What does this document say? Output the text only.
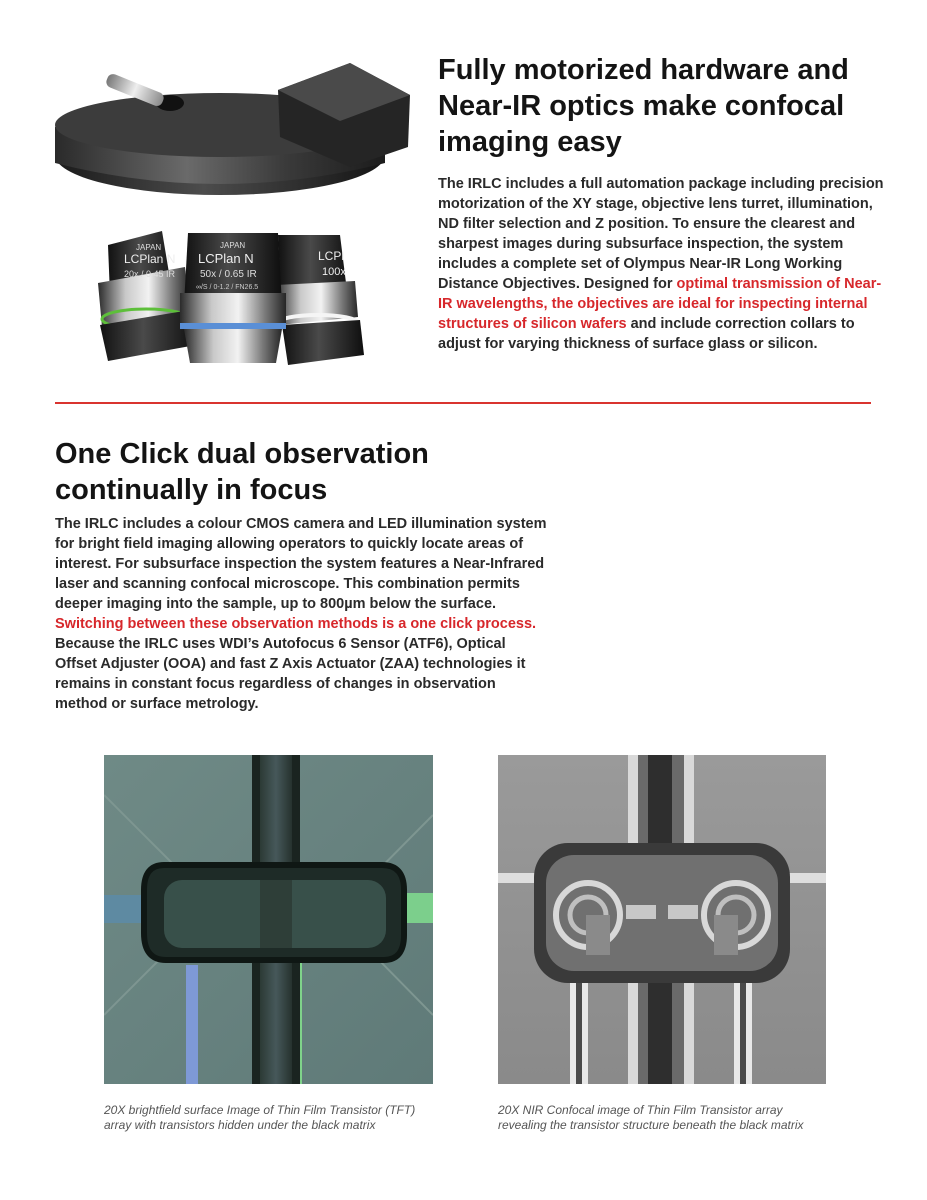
JAPAN
LCPlan N
20x / 0.45 IR
LCPl
100x
JAPAN
LCPlan N
50x / 0.65 IR
∞/S / 0-1.2 / FN26.5
Fully motorized hardware and Near-IR optics make confocal imaging easy

The IRLC includes a full automation package including precision motorization of the XY stage, objective lens turret, illumination, ND filter selection and Z position. To ensure the clearest and sharpest images during subsurface inspection, the system includes a complete set of Olympus Near-IR Long Working Distance Objectives. Designed for optimal transmission of Near-IR wavelengths, the objectives are ideal for inspecting internal structures of silicon wafers and include correction collars to adjust for varying thickness of surface glass or silicon.

One Click dual observation continually in focus

The IRLC includes a colour CMOS camera and LED illumination system for bright field imaging allowing operators to quickly locate areas of interest. For subsurface inspection the system features a Near-Infrared laser and scanning confocal microscope. This combination permits deeper imaging into the sample, up to 800µm below the surface. Switching between these observation methods is a one click process. Because the IRLC uses WDI’s Autofocus 6 Sensor (ATF6), Optical Offset Adjuster (OOA) and fast Z Axis Actuator (ZAA) technologies it remains in constant focus regardless of changes in observation method or surface metrology.

20X brightfield surface Image of Thin Film Transistor (TFT) array with transistors hidden under the black matrix

20X NIR Confocal image of Thin Film Transistor array revealing the transistor structure beneath the black matrix
